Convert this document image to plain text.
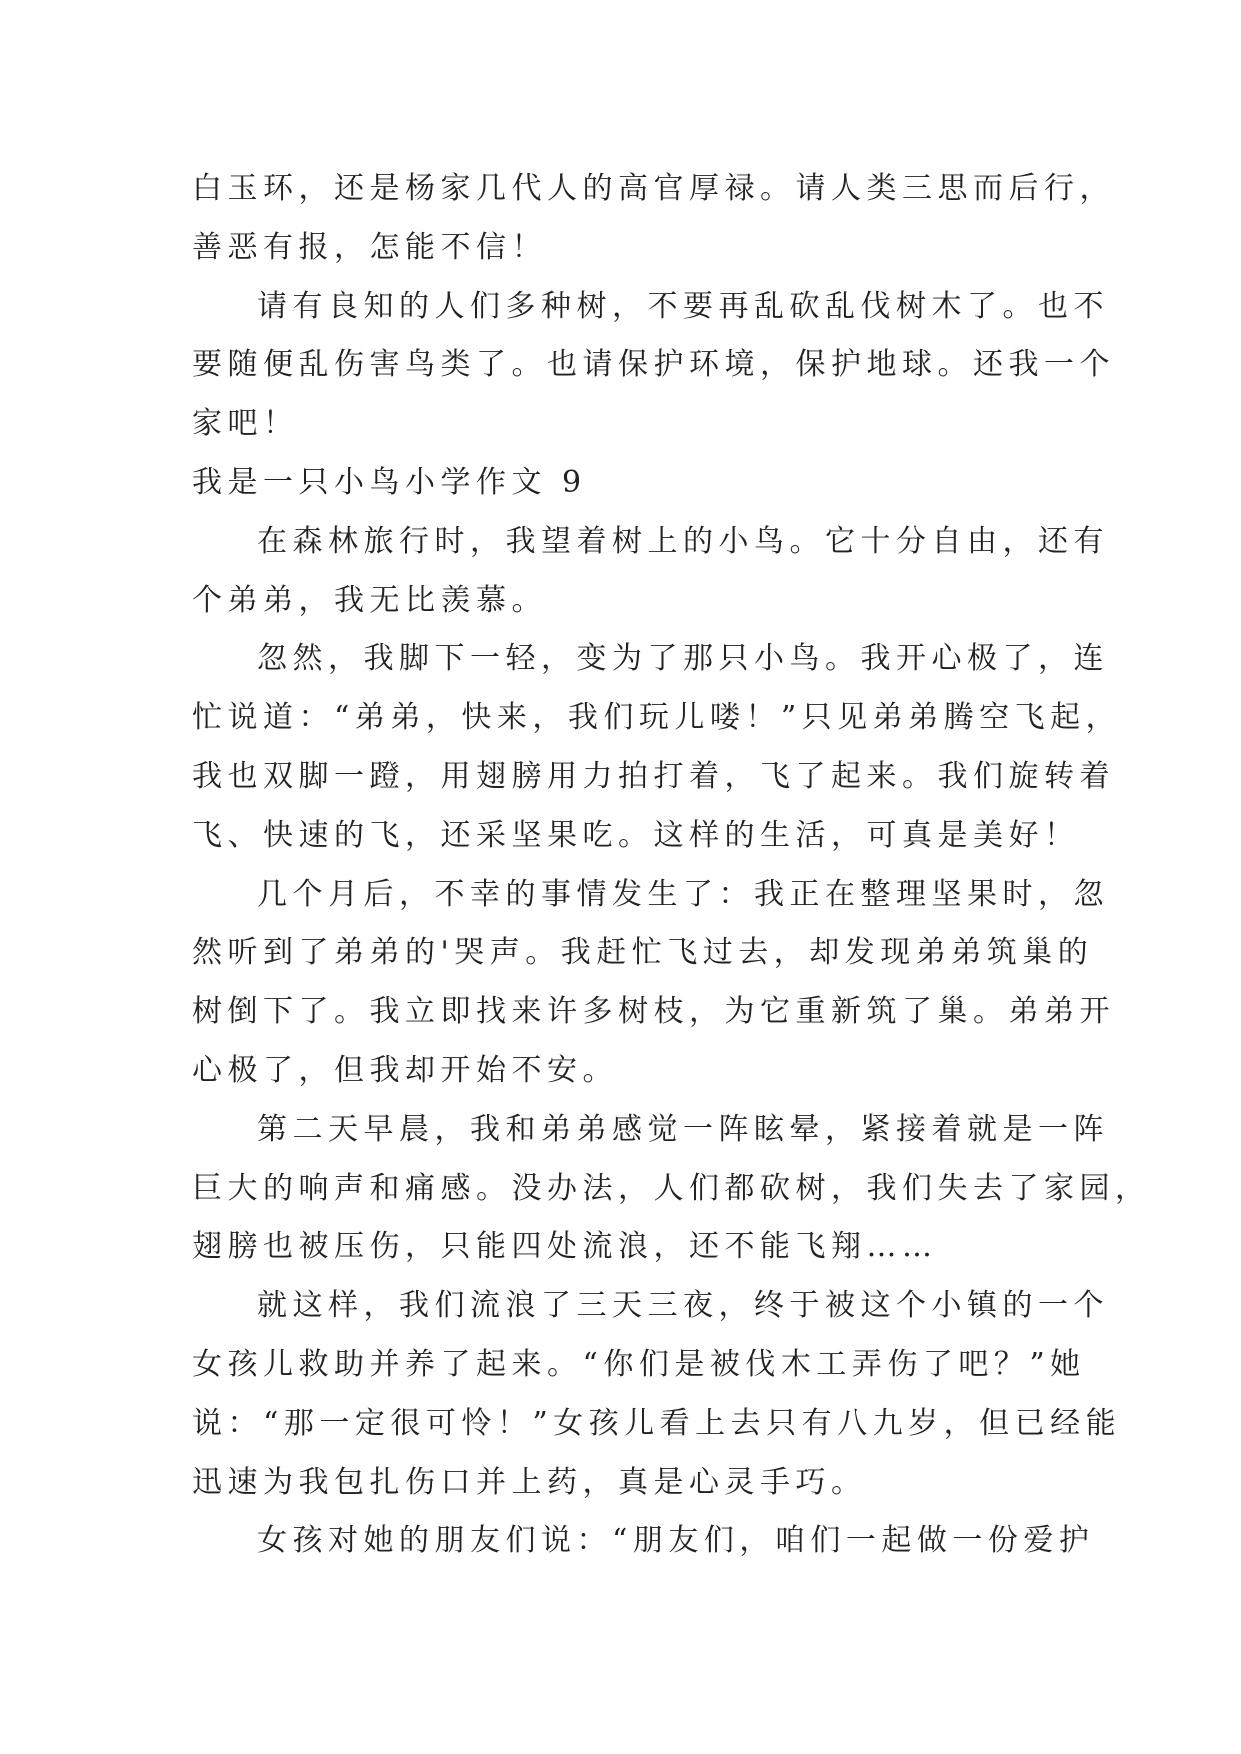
白玉环，还是杨家几代人的高官厚禄。请人类三思而后行，
善恶有报，怎能不信！
请有良知的人们多种树，不要再乱砍乱伐树木了。也不
要随便乱伤害鸟类了。也请保护环境，保护地球。还我一个
家吧！
我是一只小鸟小学作文 9
在森林旅行时，我望着树上的小鸟。它十分自由，还有
个弟弟，我无比羡慕。
忽然，我脚下一轻，变为了那只小鸟。我开心极了，连
忙说道：“弟弟，快来，我们玩儿喽！”只见弟弟腾空飞起，
我也双脚一蹬，用翅膀用力拍打着，飞了起来。我们旋转着
飞、快速的飞，还采坚果吃。这样的生活，可真是美好！
几个月后，不幸的事情发生了：我正在整理坚果时，忽
然听到了弟弟的'哭声。我赶忙飞过去，却发现弟弟筑巢的
树倒下了。我立即找来许多树枝，为它重新筑了巢。弟弟开
心极了，但我却开始不安。
第二天早晨，我和弟弟感觉一阵眩晕，紧接着就是一阵
巨大的响声和痛感。没办法，人们都砍树，我们失去了家园，
翅膀也被压伤，只能四处流浪，还不能飞翔……
就这样，我们流浪了三天三夜，终于被这个小镇的一个
女孩儿救助并养了起来。“你们是被伐木工弄伤了吧？”她
说：“那一定很可怜！”女孩儿看上去只有八九岁，但已经能
迅速为我包扎伤口并上药，真是心灵手巧。
女孩对她的朋友们说：“朋友们，咱们一起做一份爱护
